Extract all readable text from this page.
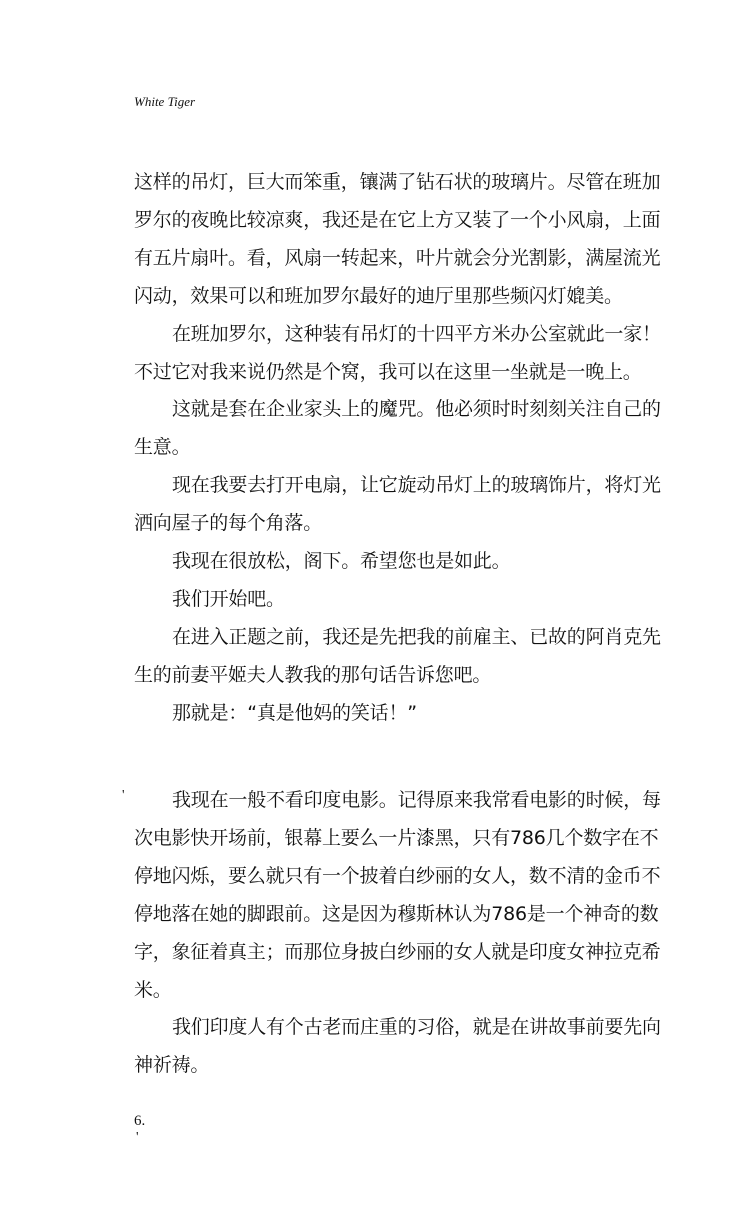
White Tiger

这样的吊灯，巨大而笨重，镶满了钻石状的玻璃片。尽管在班加罗尔的夜晚比较凉爽，我还是在它上方又装了一个小风扇，上面有五片扇叶。看，风扇一转起来，叶片就会分光割影，满屋流光闪动，效果可以和班加罗尔最好的迪厅里那些频闪灯媲美。

在班加罗尔，这种装有吊灯的十四平方米办公室就此一家！不过它对我来说仍然是个窝，我可以在这里一坐就是一晚上。

这就是套在企业家头上的魔咒。他必须时时刻刻关注自己的生意。

现在我要去打开电扇，让它旋动吊灯上的玻璃饰片，将灯光洒向屋子的每个角落。

我现在很放松，阁下。希望您也是如此。

我们开始吧。

在进入正题之前，我还是先把我的前雇主、已故的阿肖克先生的前妻平姬夫人教我的那句话告诉您吧。

那就是：“真是他妈的笑话！”

'	我现在一般不看印度电影。记得原来我常看电影的时候，每次电影快开场前，银幕上要么一片漆黑，只有786几个数字在不停地闪烁，要么就只有一个披着白纱丽的女人，数不清的金币不停地落在她的脚跟前。这是因为穆斯林认为786是一个神奇的数字，象征着真主；而那位身披白纱丽的女人就是印度女神拉克希米。

我们印度人有个古老而庄重的习俗，就是在讲故事前要先向神祈祷。

6.
'
